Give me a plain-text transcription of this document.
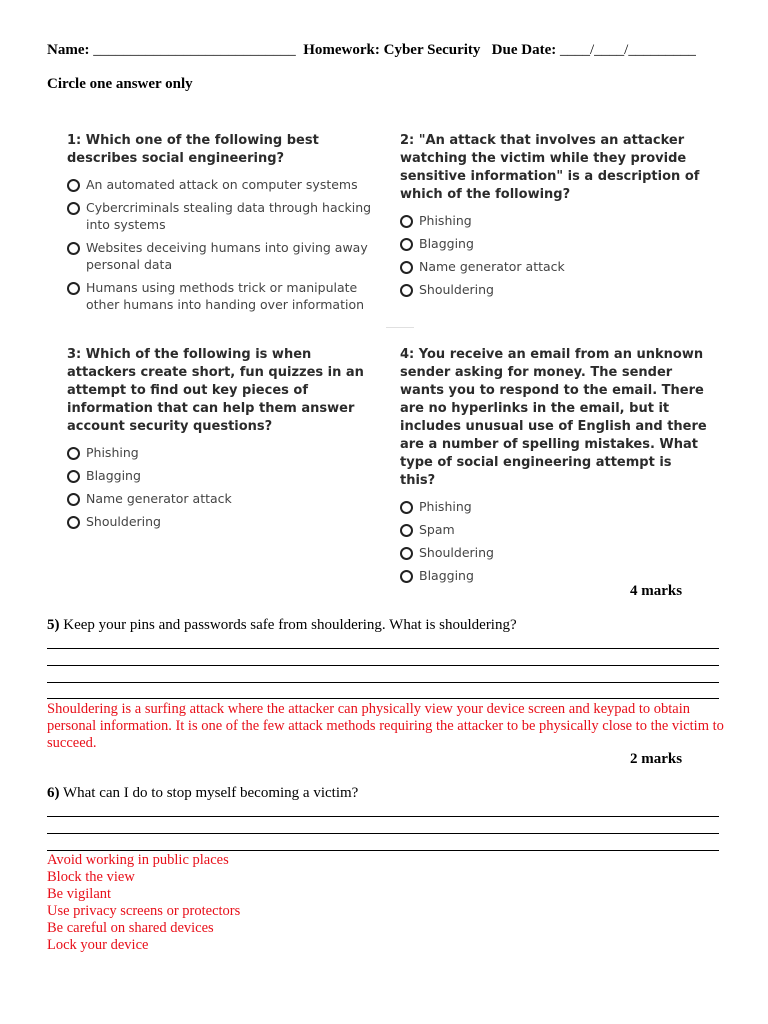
Name: ___________________________ Homework: Cyber Security Due Date: ____/____/_________
Circle one answer only
1: Which one of the following best describes social engineering?
An automated attack on computer systems
Cybercriminals stealing data through hacking into systems
Websites deceiving humans into giving away personal data
Humans using methods trick or manipulate other humans into handing over information
2: "An attack that involves an attacker watching the victim while they provide sensitive information" is a description of which of the following?
Phishing
Blagging
Name generator attack
Shouldering
3: Which of the following is when attackers create short, fun quizzes in an attempt to find out key pieces of information that can help them answer account security questions?
Phishing
Blagging
Name generator attack
Shouldering
4: You receive an email from an unknown sender asking for money. The sender wants you to respond to the email. There are no hyperlinks in the email, but it includes unusual use of English and there are a number of spelling mistakes. What type of social engineering attempt is this?
Phishing
Spam
Shouldering
Blagging
4 marks
5) Keep your pins and passwords safe from shouldering. What is shouldering?
Shouldering is a surfing attack where the attacker can physically view your device screen and keypad to obtain personal information. It is one of the few attack methods requiring the attacker to be physically close to the victim to succeed.
2 marks
6) What can I do to stop myself becoming a victim?
Avoid working in public places
Block the view
Be vigilant
Use privacy screens or protectors
Be careful on shared devices
Lock your device
